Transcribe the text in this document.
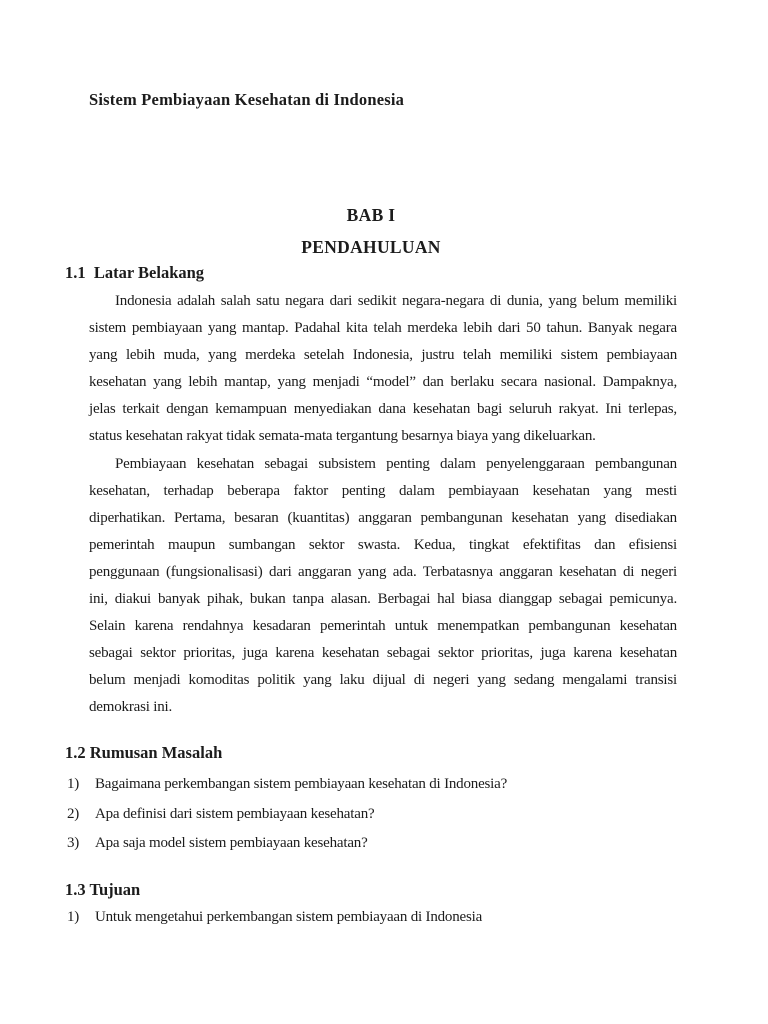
Sistem Pembiayaan Kesehatan di Indonesia
BAB I
PENDAHULUAN
1.1  Latar Belakang
Indonesia adalah salah satu negara dari sedikit negara-negara di dunia, yang belum memiliki
sistem pembiayaan yang mantap. Padahal kita telah merdeka lebih dari 50 tahun. Banyak negara
yang lebih muda, yang merdeka setelah Indonesia, justru telah memiliki sistem pembiayaan
kesehatan yang lebih mantap, yang menjadi “model” dan berlaku secara nasional. Dampaknya,
jelas terkait dengan kemampuan menyediakan dana kesehatan bagi seluruh rakyat. Ini terlepas,
status kesehatan rakyat tidak semata-mata tergantung besarnya biaya yang dikeluarkan.
Pembiayaan kesehatan sebagai subsistem penting dalam penyelenggaraan pembangunan
kesehatan, terhadap beberapa faktor penting dalam pembiayaan kesehatan yang mesti
diperhatikan. Pertama, besaran (kuantitas) anggaran pembangunan kesehatan yang disediakan
pemerintah maupun sumbangan sektor swasta. Kedua, tingkat efektifitas dan efisiensi
penggunaan (fungsionalisasi) dari anggaran yang ada. Terbatasnya anggaran kesehatan di negeri
ini, diakui banyak pihak, bukan tanpa alasan. Berbagai hal biasa dianggap sebagai pemicunya.
Selain karena rendahnya kesadaran pemerintah untuk menempatkan pembangunan kesehatan
sebagai sektor prioritas, juga karena kesehatan sebagai sektor prioritas, juga karena kesehatan
belum menjadi komoditas politik yang laku dijual di negeri yang sedang mengalami transisi
demokrasi ini.
1.2 Rumusan Masalah
1)	Bagaimana perkembangan sistem pembiayaan kesehatan di Indonesia?
2)	Apa definisi dari sistem pembiayaan kesehatan?
3)	Apa saja model sistem pembiayaan kesehatan?
1.3 Tujuan
1)	Untuk mengetahui perkembangan sistem pembiayaan di Indonesia
